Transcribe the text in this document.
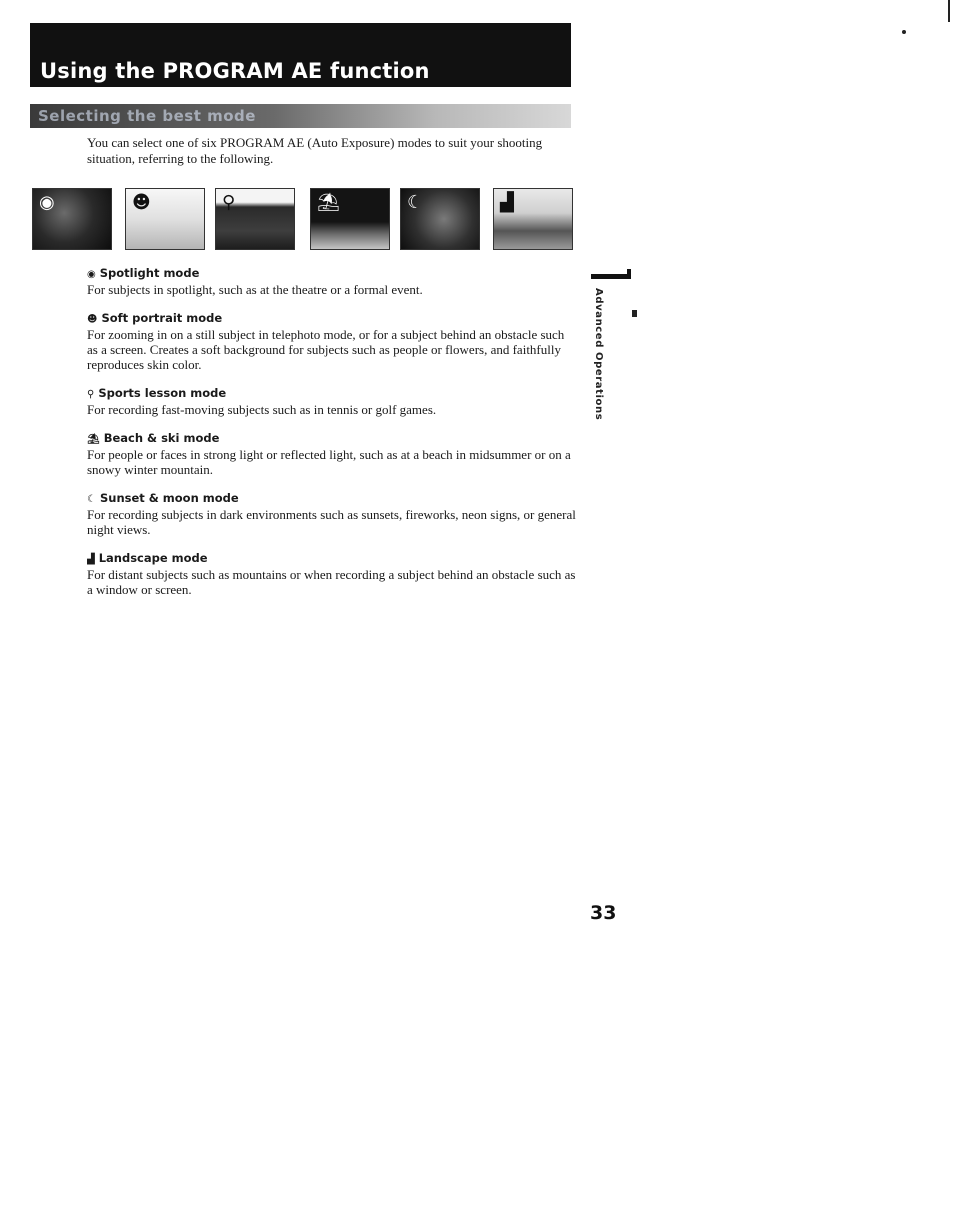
Using the PROGRAM AE function
Selecting the best mode

You can select one of six PROGRAM AE (Auto Exposure) modes to suit your shooting situation, referring to the following.

◉	☻	⚲	⛱	☾	▟
◉ Spotlight mode

For subjects in spotlight, such as at the theatre or a formal event.

☻ Soft portrait mode

For zooming in on a still subject in telephoto mode, or for a subject behind an obstacle such as a screen. Creates a soft background for subjects such as people or flowers, and faithfully reproduces skin color.

⚲ Sports lesson mode

For recording fast-moving subjects such as in tennis or golf games.

⛱ Beach & ski mode

For people or faces in strong light or reflected light, such as at a beach in midsummer or on a snowy winter mountain.

☾ Sunset & moon mode

For recording subjects in dark environments such as sunsets, fireworks, neon signs, or general night views.

▟ Landscape mode

For distant subjects such as mountains or when recording a subject behind an obstacle such as a window or screen.

Advanced Operations
33
